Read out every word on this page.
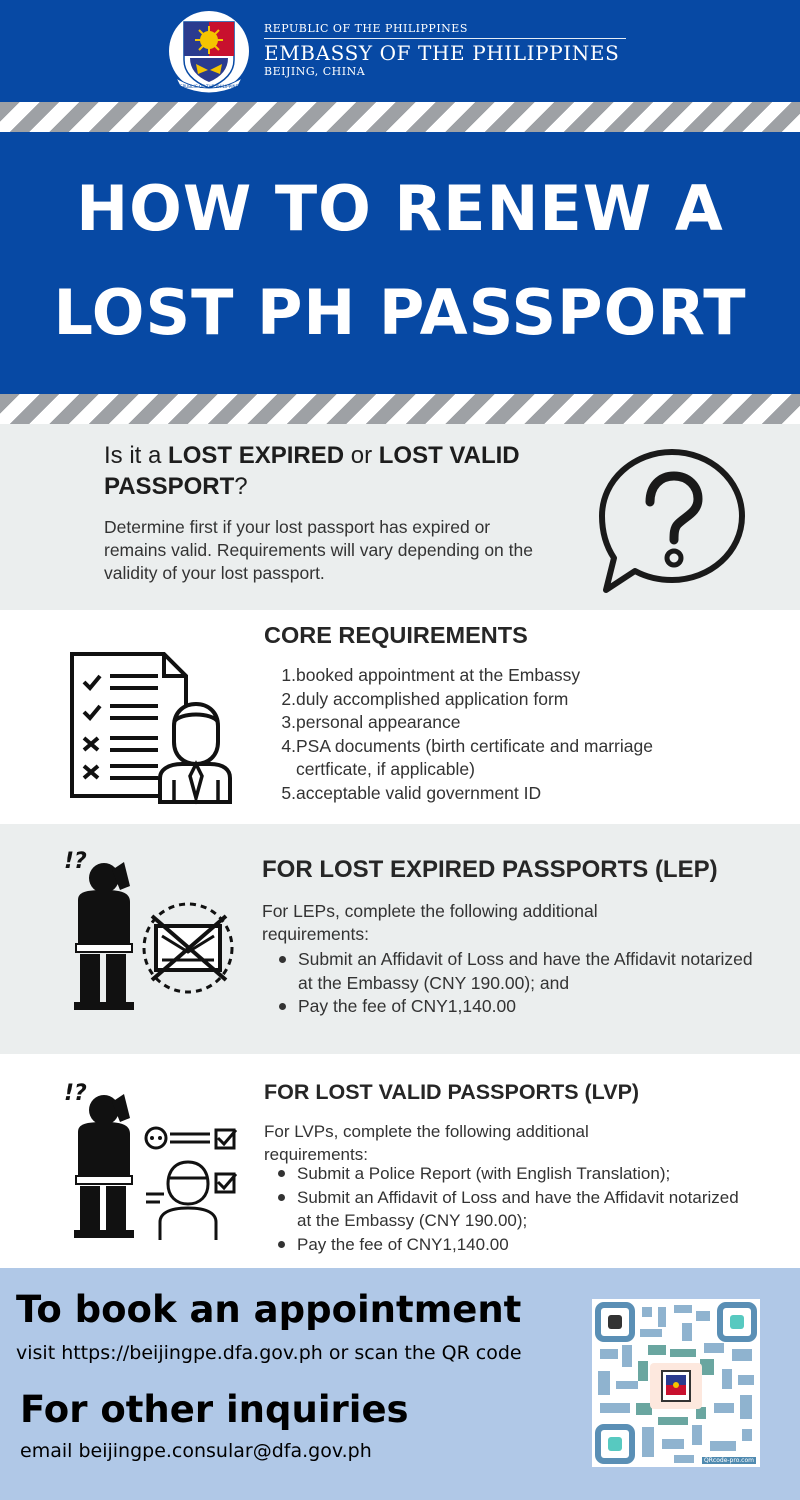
REPUBLIC OF THE PHILIPPINES
REPUBLIC OF THE PHILIPPINES
EMBASSY OF THE PHILIPPINES
BEIJING, CHINA
HOW TO RENEW A
LOST PH PASSPORT
Is it a LOST EXPIRED or LOST VALID PASSPORT?
Determine first if your lost passport has expired or remains valid. Requirements will vary depending on the validity of your lost passport.
CORE REQUIREMENTS
1. booked appointment at the Embassy
2. duly accomplished application form
3. personal appearance
4. PSA documents (birth certificate and marriage certficate, if applicable)
5. acceptable valid government ID
!?	FOR LOST EXPIRED PASSPORTS (LEP)
For LEPs, complete the following additional requirements:
Submit an Affidavit of Loss and have the Affidavit notarized at the Embassy (CNY 190.00); and
Pay the fee of CNY1,140.00
!?	FOR LOST VALID PASSPORTS (LVP)
For LVPs, complete the following additional requirements:
Submit a Police Report (with English Translation);
Submit an Affidavit of Loss and have the Affidavit notarized at the Embassy (CNY 190.00);
Pay the fee of CNY1,140.00
To book an appointment
visit https://beijingpe.dfa.gov.ph or scan the QR code
For other inquiries
email beijingpe.consular@dfa.gov.ph	QRcode-pro.com
